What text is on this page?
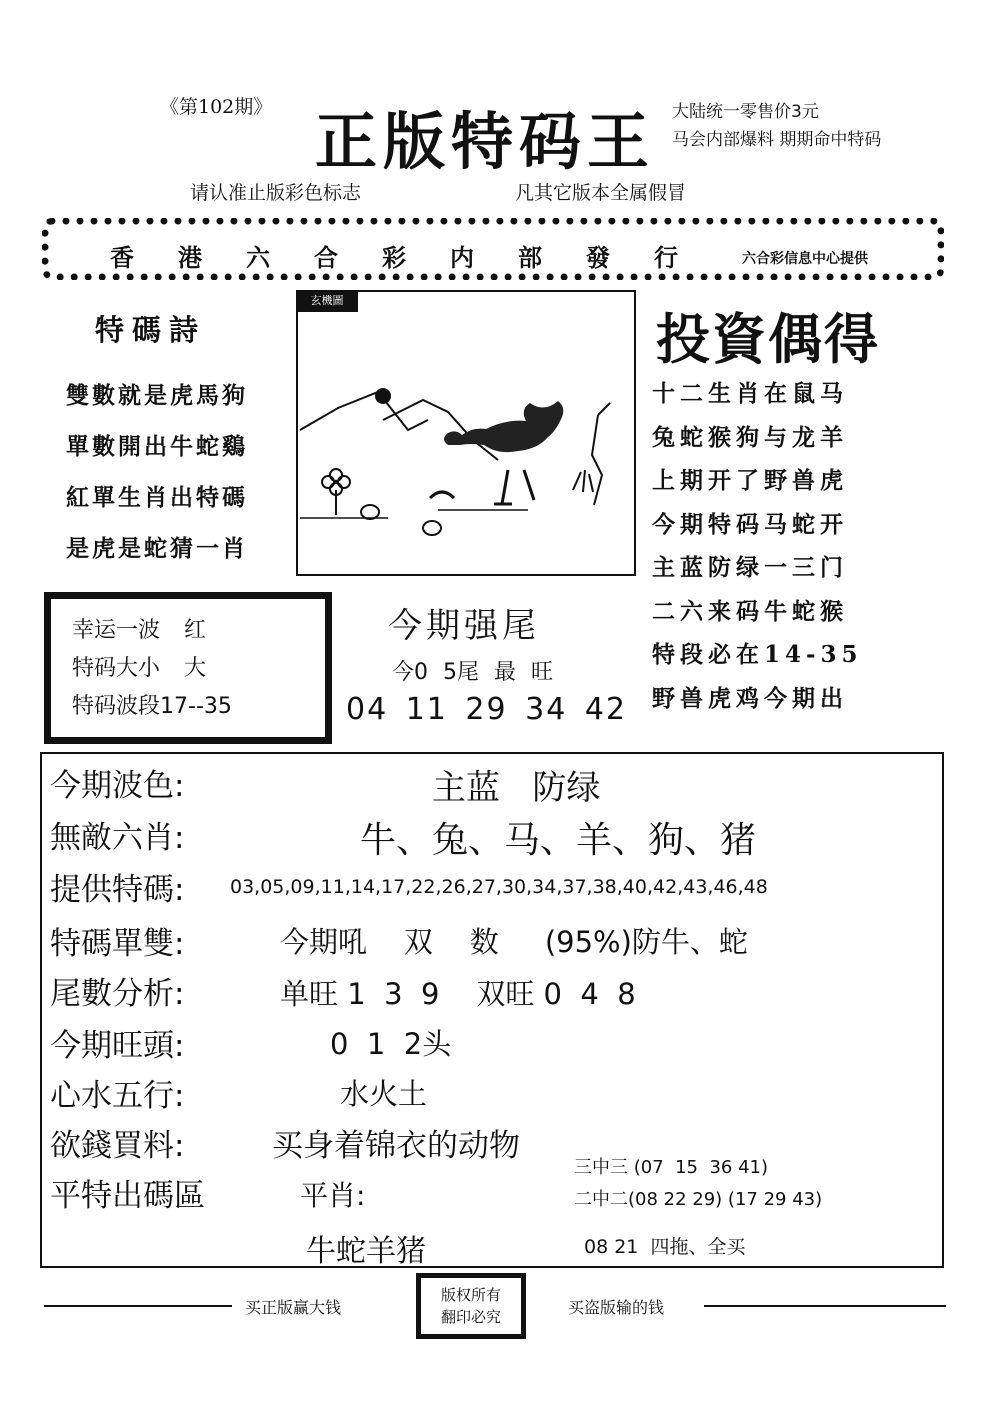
《第102期》 正版特码王 大陆统一零售价3元
马会内部爆料 期期命中特码
请认准止版彩色标志	凡其它版本全属假冒
香港六合彩内部發行 六合彩信息中心提供
特碼詩
雙數就是虎馬狗
單數開出牛蛇鷄
紅單生肖出特碼
是虎是蛇猜一肖
玄機圖
投資偶得
十二生肖在鼠马
兔蛇猴狗与龙羊
上期开了野兽虎
今期特码马蛇开
主蓝防绿一三门
二六来码牛蛇猴
特段必在14-35
野兽虎鸡今期出
幸运一波 红
特码大小 大
特码波段17--35
今期强尾
今0 5尾 最 旺
04 11 29 34 42
今期波色:	主蓝   防绿
無敵六肖:	牛、兔、马、羊、狗、猪
提供特碼: 03,05,09,11,14,17,22,26,27,30,34,37,38,40,42,43,46,48
特碼單雙:	今期吼    双    数     (95%)防牛、蛇
尾數分析:	单旺 1  3  9    双旺 0  4  8
今期旺頭:	0  1  2头
心水五行:	水火土
欲錢買料:	买身着锦衣的动物
平特出碼區	平肖:
牛蛇羊猪
三中三 (07  15  36 41)
二中二(08 22 29) (17 29 43)
08 21  四拖、全买
买正版赢大钱
版权所有
翻印必究	买盗版输的钱
